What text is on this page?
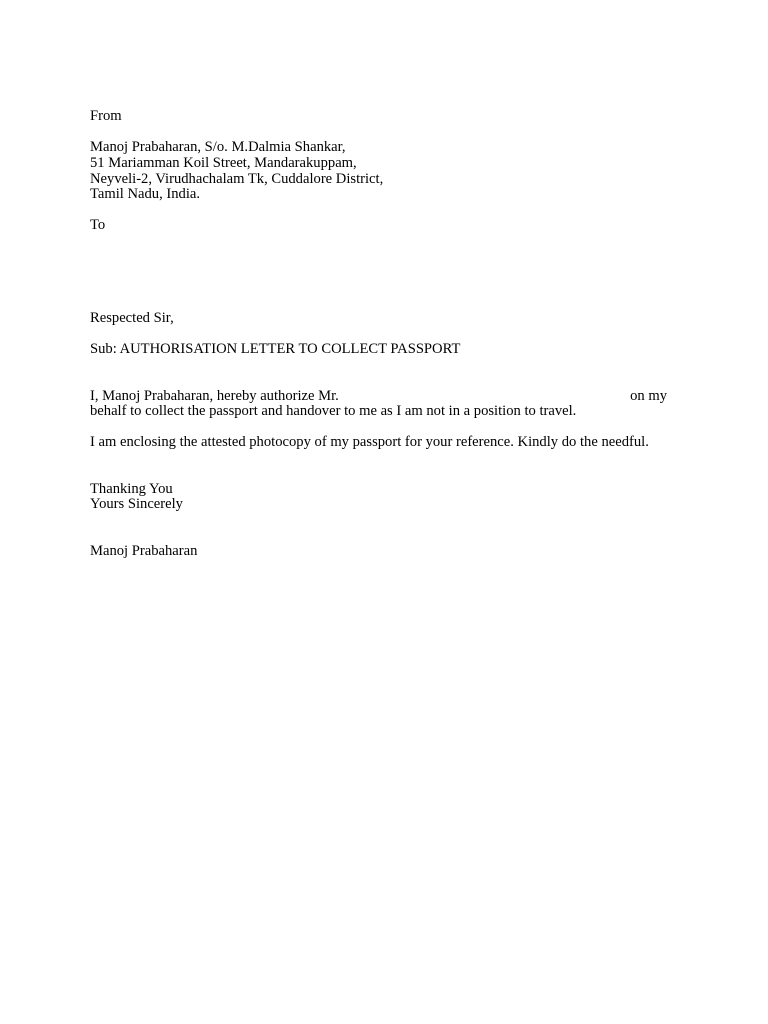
From
Manoj Prabaharan, S/o. M.Dalmia Shankar,
51 Mariamman Koil Street, Mandarakuppam,
Neyveli-2, Virudhachalam Tk, Cuddalore District,
Tamil Nadu, India.
To
Respected Sir,
Sub: AUTHORISATION LETTER TO COLLECT PASSPORT
I, Manoj Prabaharan, hereby authorize Mr.	on my
behalf to collect the passport and handover to me as I am not in a position to travel.
I am enclosing the attested photocopy of my passport for your reference. Kindly do the needful.
Thanking You
Yours Sincerely
Manoj Prabaharan
